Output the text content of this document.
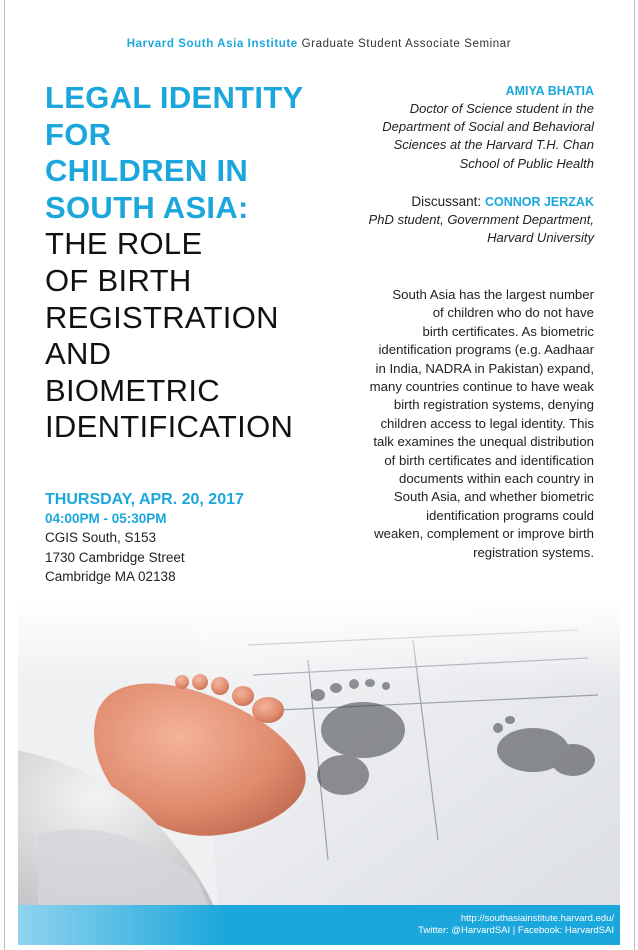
Harvard South Asia Institute Graduate Student Associate Seminar
LEGAL IDENTITY
FOR
CHILDREN IN
SOUTH ASIA:
THE ROLE
OF BIRTH
REGISTRATION
AND
BIOMETRIC
IDENTIFICATION
THURSDAY, APR. 20, 2017
04:00PM - 05:30PM
CGIS South, S153
1730 Cambridge Street
Cambridge MA 02138
AMIYA BHATIA
Doctor of Science student in the
Department of Social and Behavioral
Sciences at the Harvard T.H. Chan
School of Public Health
Discussant: CONNOR JERZAK
PhD student, Government Department,
Harvard University
South Asia has the largest number
of children who do not have
birth certificates. As biometric
identification programs (e.g. Aadhaar
in India, NADRA in Pakistan) expand,
many countries continue to have weak
birth registration systems, denying
children access to legal identity. This
talk examines the unequal distribution
of birth certificates and identification
documents within each country in
South Asia, and whether biometric
identification programs could
weaken, complement or improve birth
registration systems.
http://southasiainstitute.harvard.edu/
Twitter: @HarvardSAI | Facebook: HarvardSAI
